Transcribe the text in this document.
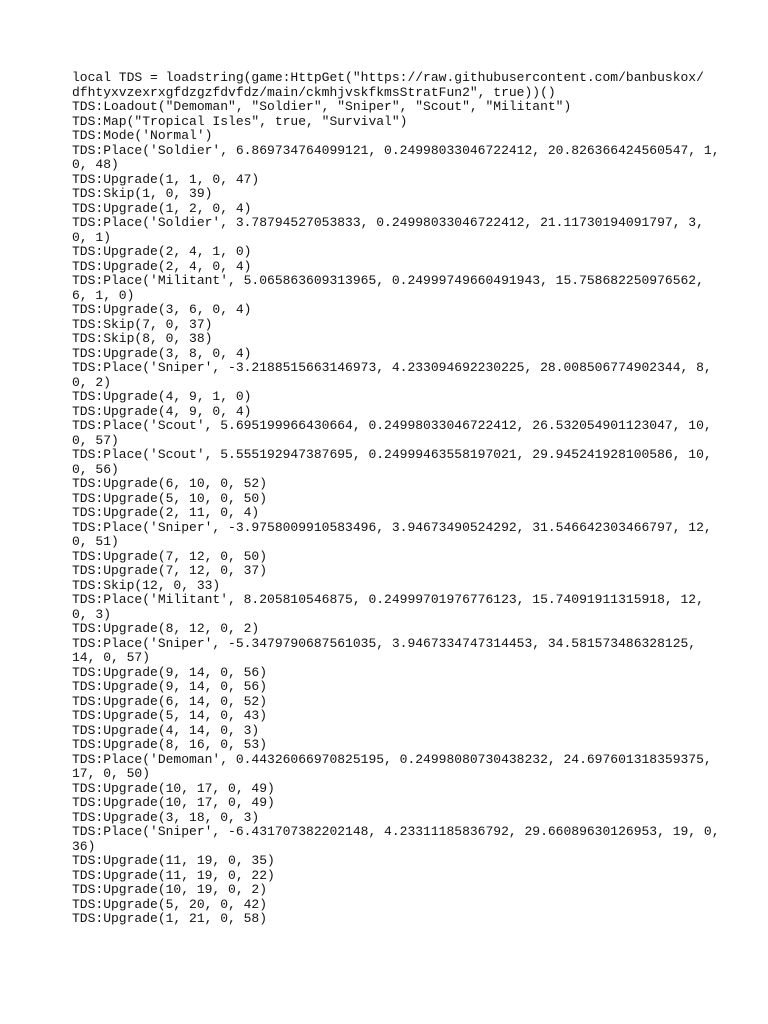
local TDS = loadstring(game:HttpGet("https://raw.githubusercontent.com/banbuskox/
dfhtyxvzexrxgfdzgzfdvfdz/main/ckmhjvskfkmsStratFun2", true))()
TDS:Loadout("Demoman", "Soldier", "Sniper", "Scout", "Militant")
TDS:Map("Tropical Isles", true, "Survival")
TDS:Mode('Normal')
TDS:Place('Soldier', 6.869734764099121, 0.24998033046722412, 20.826366424560547, 1,
0, 48)
TDS:Upgrade(1, 1, 0, 47)
TDS:Skip(1, 0, 39)
TDS:Upgrade(1, 2, 0, 4)
TDS:Place('Soldier', 3.78794527053833, 0.24998033046722412, 21.11730194091797, 3,
0, 1)
TDS:Upgrade(2, 4, 1, 0)
TDS:Upgrade(2, 4, 0, 4)
TDS:Place('Militant', 5.065863609313965, 0.24999749660491943, 15.758682250976562,
6, 1, 0)
TDS:Upgrade(3, 6, 0, 4)
TDS:Skip(7, 0, 37)
TDS:Skip(8, 0, 38)
TDS:Upgrade(3, 8, 0, 4)
TDS:Place('Sniper', -3.2188515663146973, 4.233094692230225, 28.008506774902344, 8,
0, 2)
TDS:Upgrade(4, 9, 1, 0)
TDS:Upgrade(4, 9, 0, 4)
TDS:Place('Scout', 5.695199966430664, 0.24998033046722412, 26.532054901123047, 10,
0, 57)
TDS:Place('Scout', 5.555192947387695, 0.24999463558197021, 29.945241928100586, 10,
0, 56)
TDS:Upgrade(6, 10, 0, 52)
TDS:Upgrade(5, 10, 0, 50)
TDS:Upgrade(2, 11, 0, 4)
TDS:Place('Sniper', -3.9758009910583496, 3.94673490524292, 31.546642303466797, 12,
0, 51)
TDS:Upgrade(7, 12, 0, 50)
TDS:Upgrade(7, 12, 0, 37)
TDS:Skip(12, 0, 33)
TDS:Place('Militant', 8.205810546875, 0.24999701976776123, 15.74091911315918, 12,
0, 3)
TDS:Upgrade(8, 12, 0, 2)
TDS:Place('Sniper', -5.3479790687561035, 3.9467334747314453, 34.581573486328125,
14, 0, 57)
TDS:Upgrade(9, 14, 0, 56)
TDS:Upgrade(9, 14, 0, 56)
TDS:Upgrade(6, 14, 0, 52)
TDS:Upgrade(5, 14, 0, 43)
TDS:Upgrade(4, 14, 0, 3)
TDS:Upgrade(8, 16, 0, 53)
TDS:Place('Demoman', 0.44326066970825195, 0.24998080730438232, 24.697601318359375,
17, 0, 50)
TDS:Upgrade(10, 17, 0, 49)
TDS:Upgrade(10, 17, 0, 49)
TDS:Upgrade(3, 18, 0, 3)
TDS:Place('Sniper', -6.431707382202148, 4.23311185836792, 29.66089630126953, 19, 0,
36)
TDS:Upgrade(11, 19, 0, 35)
TDS:Upgrade(11, 19, 0, 22)
TDS:Upgrade(10, 19, 0, 2)
TDS:Upgrade(5, 20, 0, 42)
TDS:Upgrade(1, 21, 0, 58)
